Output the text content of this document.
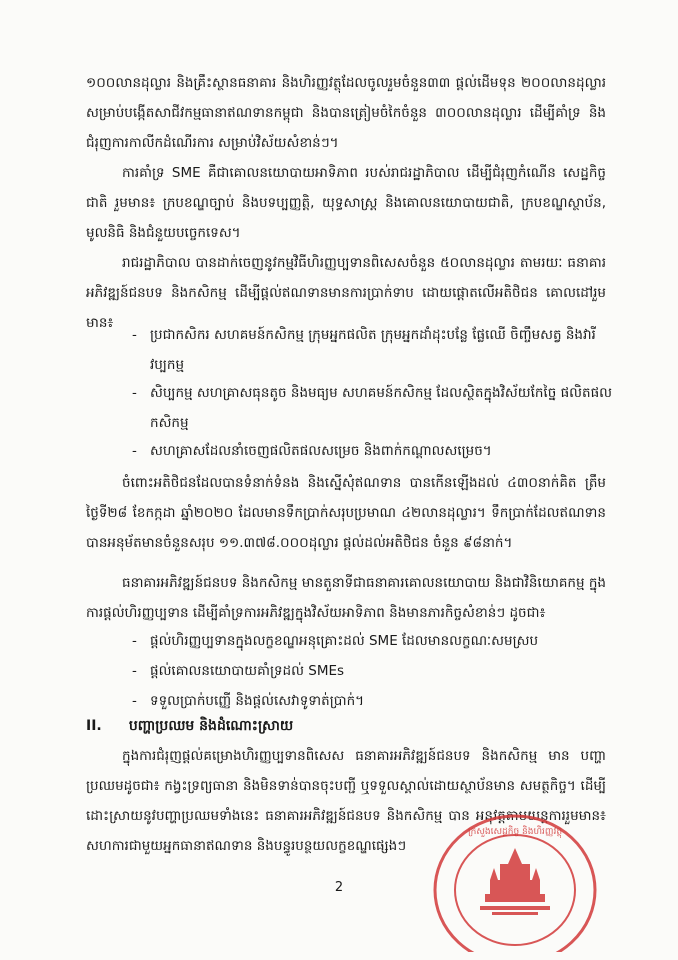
១០០លានដុល្លារ និងគ្រឹះស្ថានធនាគារ និងហិរញ្ញវត្ថុដែលចូលរួមចំនួន៣៣ ផ្ដល់ដើមទុន ២០០លានដុល្លារ សម្រាប់បង្កើតសាជីវកម្មធានាឥណទានកម្ពុជា និងបានត្រៀមចំកៃចំនួន ៣០០លានដុល្លារ ដើម្បីគាំទ្រ និងជំរុញការកាលីកដំណើរការ សម្រាប់វិស័យសំខាន់ៗ។
ការគាំទ្រ SME គឺជាគោលនយោបាយអាទិភាព របស់រាជរដ្ឋាភិបាល ដើម្បីជំរុញកំណើន សេដ្ឋកិច្ចជាតិ រួមមាន៖ ក្របខណ្ឌច្បាប់ និងបទប្បញ្ញត្តិ, យុទ្ធសាស្ត្រ និងគោលនយោបាយជាតិ, ក្របខណ្ឌស្ថាប័ន, មូលនិធិ និងជំនួយបច្ចេកទេស។
រាជរដ្ឋាភិបាល បានដាក់ចេញនូវកម្មវិធីហិរញ្ញប្បទានពិសេសចំនួន ៥០លានដុល្លារ តាមរយៈ ធនាគារអភិវឌ្ឍន៍ជនបទ និងកសិកម្ម ដើម្បីផ្ដល់ឥណទានមានការប្រាក់ទាប ដោយផ្តោតលើអតិថិជន គោលដៅរួមមាន៖
- ប្រជាកសិករ សហគមន៍កសិកម្ម ក្រុមអ្នកផលិត ក្រុមអ្នកដាំដុះបន្លែ ផ្លែឈើ ចិញ្ចឹមសត្វ និងវារីវប្បកម្ម
- សិប្បកម្ម សហគ្រាសធុនតូច និងមធ្យម សហគមន៍កសិកម្ម ដែលស្ថិតក្នុងវិស័យកែច្នៃ ផលិតផលកសិកម្ម
- សហគ្រាសដែលនាំចេញផលិតផលសម្រេច និងពាក់កណ្ដាលសម្រេច។
ចំពោះអតិថិជនដែលបានទំនាក់ទំនង និងស្នើសុំឥណទាន បានកើនឡើងដល់ ៤៣០នាក់គិត ត្រឹមថ្ងៃទី២៨ ខែកក្កដា ឆ្នាំ២០២០ ដែលមានទឹកប្រាក់សរុបប្រមាណ ៤២លានដុល្លារ។ ទឹកប្រាក់ដែលឥណទានបានអនុម័តមានចំនួនសរុប ១១.៣៧៨.០០០ដុល្លារ ផ្ដល់ដល់អតិថិជន ចំនួន ៩៨នាក់។
ធនាគារអភិវឌ្ឍន៍ជនបទ និងកសិកម្ម មានតួនាទីជាធនាគារគោលនយោបាយ និងជាវិនិយោគកម្ម ក្នុងការផ្ដល់ហិរញ្ញប្បទាន ដើម្បីគាំទ្រការអភិវឌ្ឍក្នុងវិស័យអាទិភាព និងមានភារកិច្ចសំខាន់ៗ ដូចជា៖
- ផ្ដល់ហិរញ្ញប្បទានក្នុងលក្ខខណ្ឌអនុគ្រោះដល់ SME ដែលមានលក្ខណៈសមស្រប
- ផ្ដល់គោលនយោបាយគាំទ្រដល់ SMEs
- ទទួលប្រាក់បញ្ញើ និងផ្ដល់សេវាទូទាត់ប្រាក់។
II. បញ្ហាប្រឈម និងដំណោះស្រាយ
ក្នុងការជំរុញផ្ដល់គម្រោងហិរញ្ញប្បទានពិសេស ធនាគារអភិវឌ្ឍន៍ជនបទ និងកសិកម្ម មាន បញ្ហាប្រឈមដូចជា៖ កង្វះទ្រព្យធានា និងមិនទាន់បានចុះបញ្ជី ឬទទួលស្គាល់ដោយស្ថាប័នមាន សមត្ថកិច្ច។ ដើម្បីដោះស្រាយនូវបញ្ហាប្រឈមទាំងនេះ ធនាគារអភិវឌ្ឍន៍ជនបទ និងកសិកម្ម បាន អនុវត្តតាមយន្តការរួមមាន៖ សហការជាមួយអ្នកធានាឥណទាន និងបន្ធូរបន្ថយលក្ខខណ្ឌផ្សេងៗ
2
ក្រសួងសេដ្ឋកិច្ច និងហិរញ្ញវត្ថុ
